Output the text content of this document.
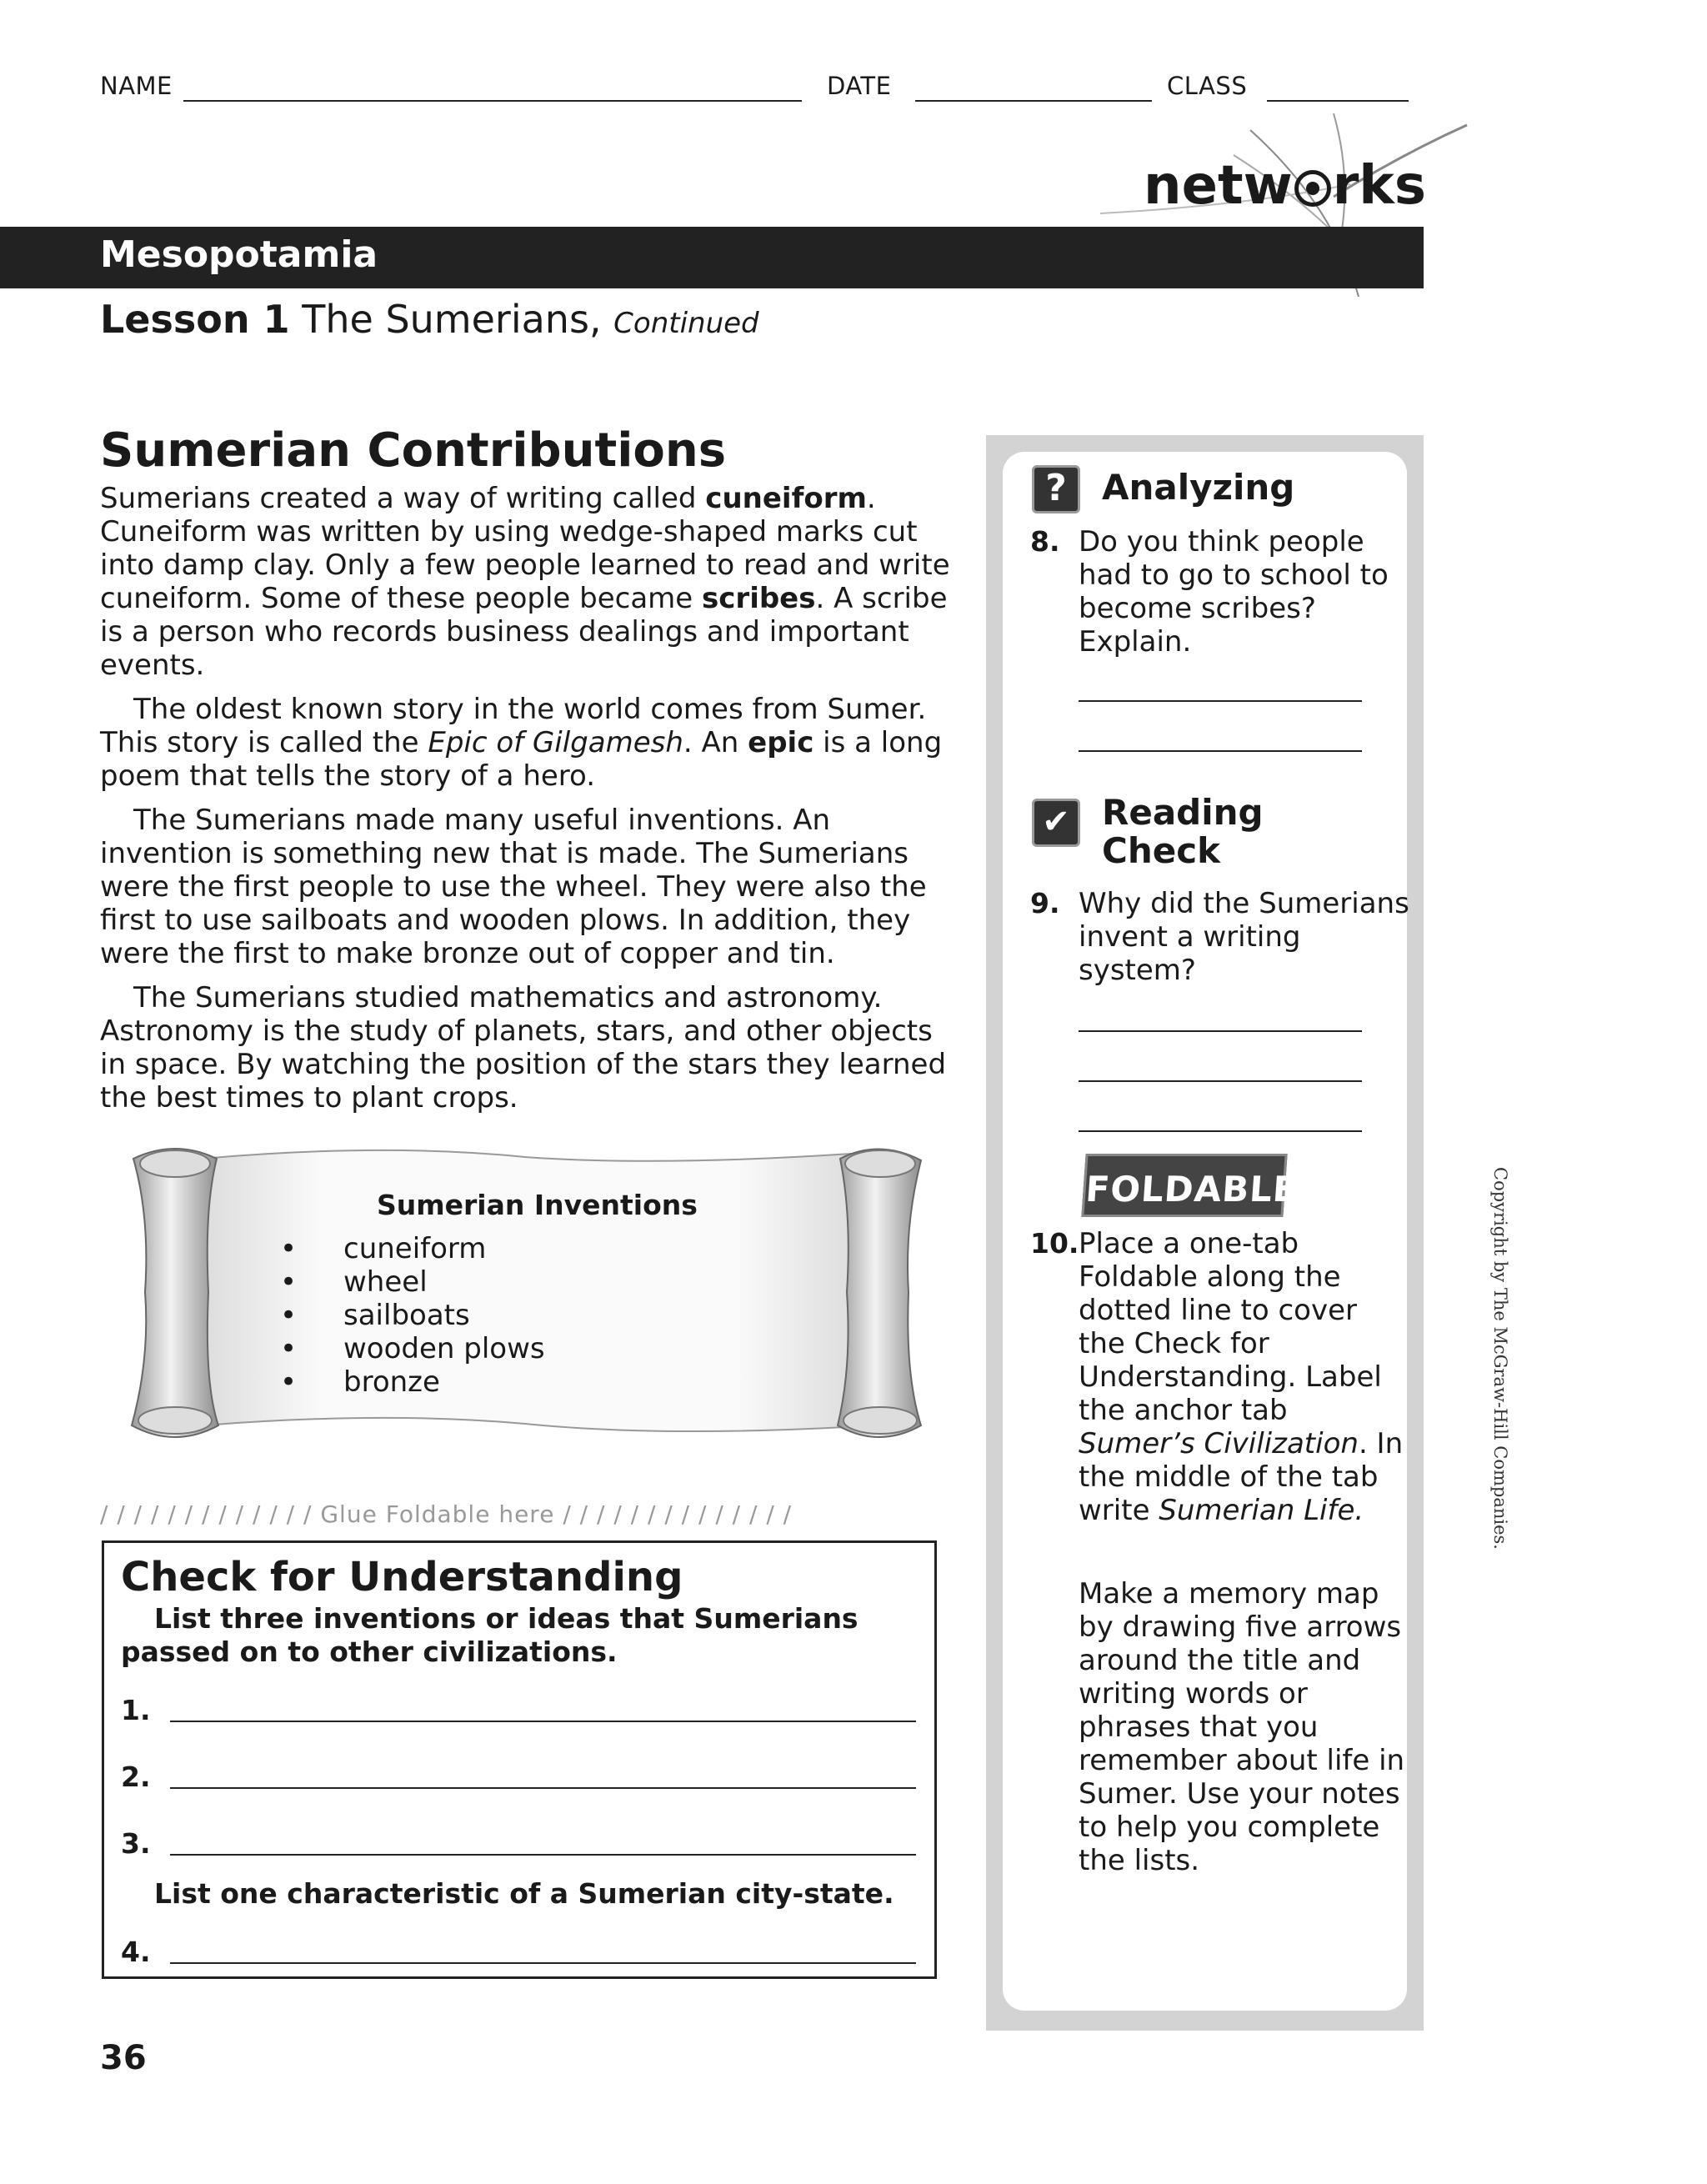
NAME	DATE	CLASS
netw rks
Mesopotamia
Lesson 1 The Sumerians, Continued
Sumerian Contributions

Sumerians created a way of writing called cuneiform. Cuneiform was written by using wedge-shaped marks cut into damp clay. Only a few people learned to read and write cuneiform. Some of these people became scribes. A scribe is a person who records business dealings and important events.

The oldest known story in the world comes from Sumer. This story is called the Epic of Gilgamesh. An epic is a long poem that tells the story of a hero.

The Sumerians made many useful inventions. An invention is something new that is made. The Sumerians were the first people to use the wheel. They were also the first to use sailboats and wooden plows. In addition, they were the first to make bronze out of copper and tin.

The Sumerians studied mathematics and astronomy. Astronomy is the study of planets, stars, and other objects in space. By watching the position of the stars they learned the best times to plant crops.

Sumerian Inventions
• cuneiform
• wheel
• sailboats
• wooden plows
• bronze
/ / / / / / / / / / / / / Glue Foldable here / / / / / / / / / / / / / /
Check for Understanding
List three inventions or ideas that Sumerians passed on to other civilizations.
1.
2.
3.
List one characteristic of a Sumerian city-state.
4.
36
?	Analyzing
8. Do you think people had to go to school to become scribes? Explain.
✔ Reading
Check
9. Why did the Sumerians invent a writing system?
FOLDABLES®
10. Place a one-tab Foldable along the dotted line to cover the Check for Understanding. Label the anchor tab Sumer’s Civilization. In the middle of the tab write Sumerian Life.
Make a memory map by drawing five arrows around the title and writing words or phrases that you remember about life in Sumer. Use your notes to help you complete the lists.
Copyright by The McGraw-Hill Companies.
